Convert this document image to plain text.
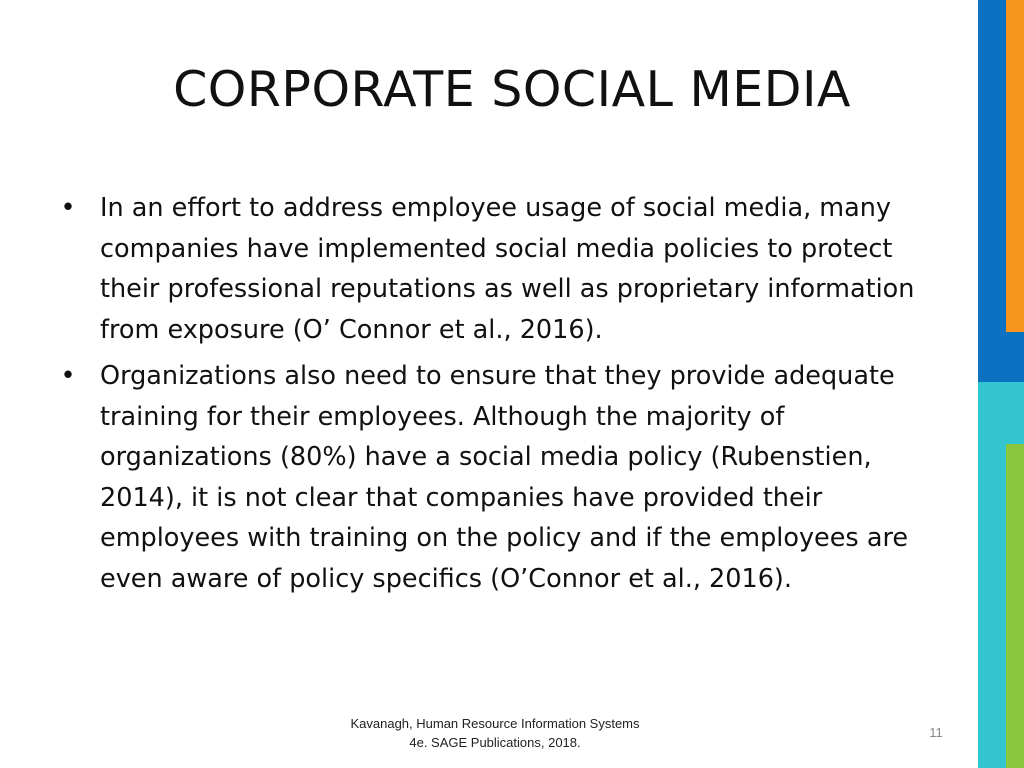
CORPORATE SOCIAL MEDIA
• In an effort to address employee usage of social media, many companies have implemented social media policies to protect their professional reputations as well as proprietary information from exposure (O’ Connor et al., 2016).
• Organizations also need to ensure that they provide adequate training for their employees. Although the majority of organizations (80%) have a social media policy (Rubenstien, 2014), it is not clear that companies have provided their employees with training on the policy and if the employees are even aware of policy specifics (O’Connor et al., 2016).
Kavanagh, Human Resource Information Systems
4e. SAGE Publications, 2018.
11
